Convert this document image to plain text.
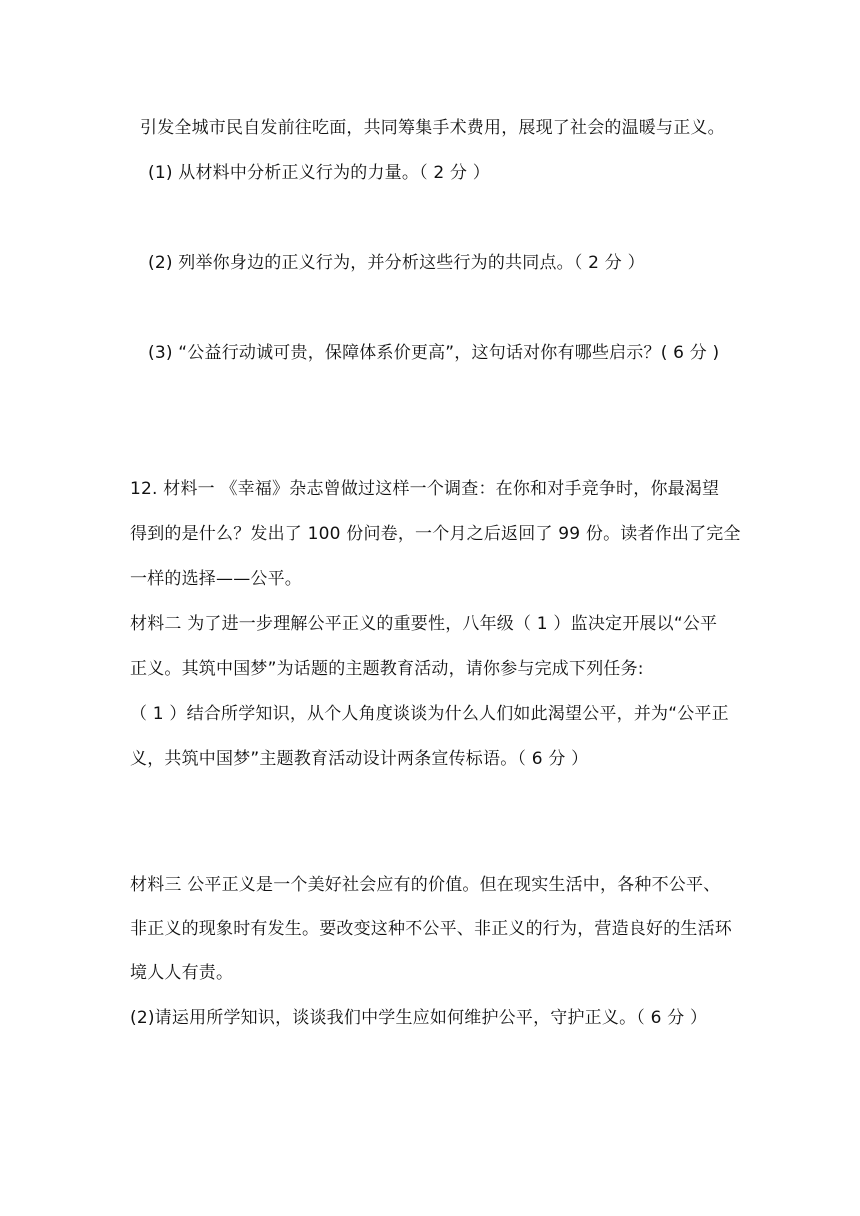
引发全城市民自发前往吃面，共同筹集手术费用，展现了社会的温暖与正义。
(1) 从材料中分析正义行为的力量。（ 2 分 ）
(2) 列举你身边的正义行为，并分析这些行为的共同点。（ 2 分 ）
(3) “公益行动诚可贵，保障体系价更高”，这句话对你有哪些启示？( 6 分 )
12. 材料一 《幸福》杂志曾做过这样一个调查：在你和对手竞争时，你最渴望
得到的是什么？发出了 100 份问卷，一个月之后返回了 99 份。读者作出了完全
一样的选择——公平。
材料二 为了进一步理解公平正义的重要性，八年级（ 1 ）监决定开展以“公平
正义。其筑中国梦”为话题的主题教育活动，请你参与完成下列任务:
（ 1 ）结合所学知识，从个人角度谈谈为什么人们如此渴望公平，并为“公平正
义，共筑中国梦”主题教育活动设计两条宣传标语。（ 6 分 ）
材料三 公平正义是一个美好社会应有的价值。但在现实生活中，各种不公平、
非正义的现象时有发生。要改变这种不公平、非正义的行为，营造良好的生活环
境人人有责。
(2)请运用所学知识，谈谈我们中学生应如何维护公平，守护正义。（ 6 分 ）
